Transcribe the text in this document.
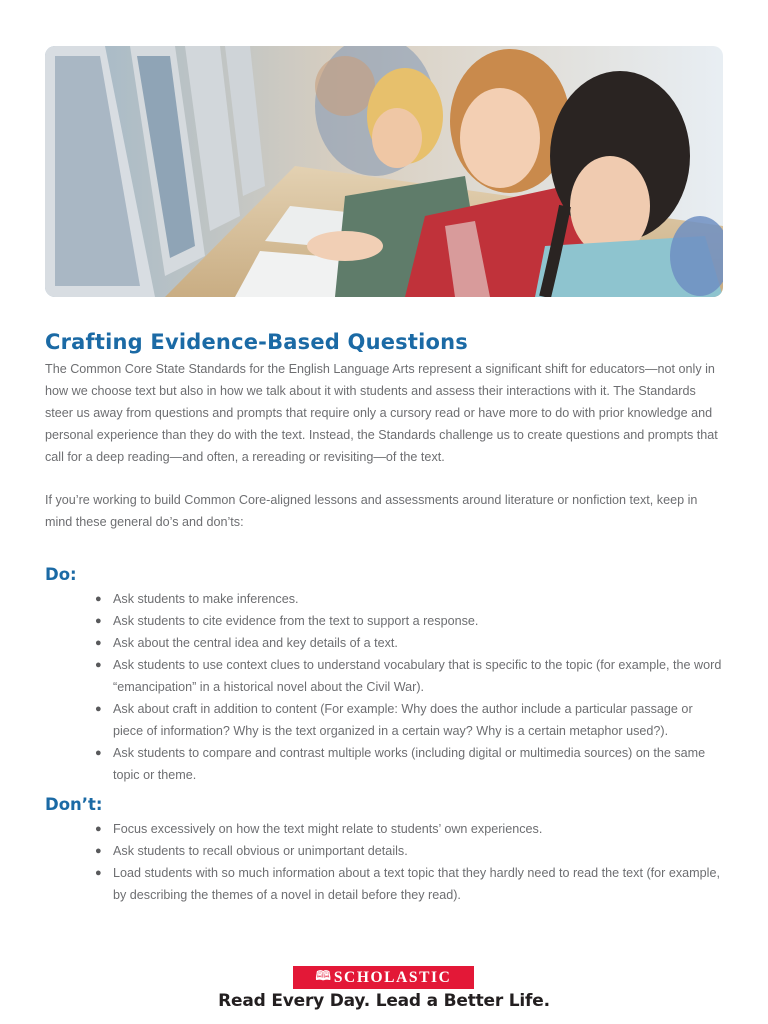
Crafting Evidence-Based Questions

The Common Core State Standards for the English Language Arts represent a significant shift for educators—not only in how we choose text but also in how we talk about it with students and assess their interactions with it. The Standards steer us away from questions and prompts that require only a cursory read or have more to do with prior knowledge and personal experience than they do with the text. Instead, the Standards challenge us to create questions and prompts that call for a deep reading—and often, a rereading or revisiting—of the text.

If you’re working to build Common Core-aligned lessons and assessments around literature or nonfiction text, keep in mind these general do’s and don’ts:

Do:
● Ask students to make inferences.
● Ask students to cite evidence from the text to support a response.
● Ask about the central idea and key details of a text.
● Ask students to use context clues to understand vocabulary that is specific to the topic (for example, the word “emancipation” in a historical novel about the Civil War).
● Ask about craft in addition to content (For example: Why does the author include a particular passage or piece of information? Why is the text organized in a certain way? Why is a certain metaphor used?).
● Ask students to compare and contrast multiple works (including digital or multimedia sources) on the same topic or theme.
Don’t:
● Focus excessively on how the text might relate to students’ own experiences.
● Ask students to recall obvious or unimportant details.
● Load students with so much information about a text topic that they hardly need to read the text (for example, by describing the themes of a novel in detail before they read).
🕮 SCHOLASTIC

Read Every Day. Lead a Better Life.
